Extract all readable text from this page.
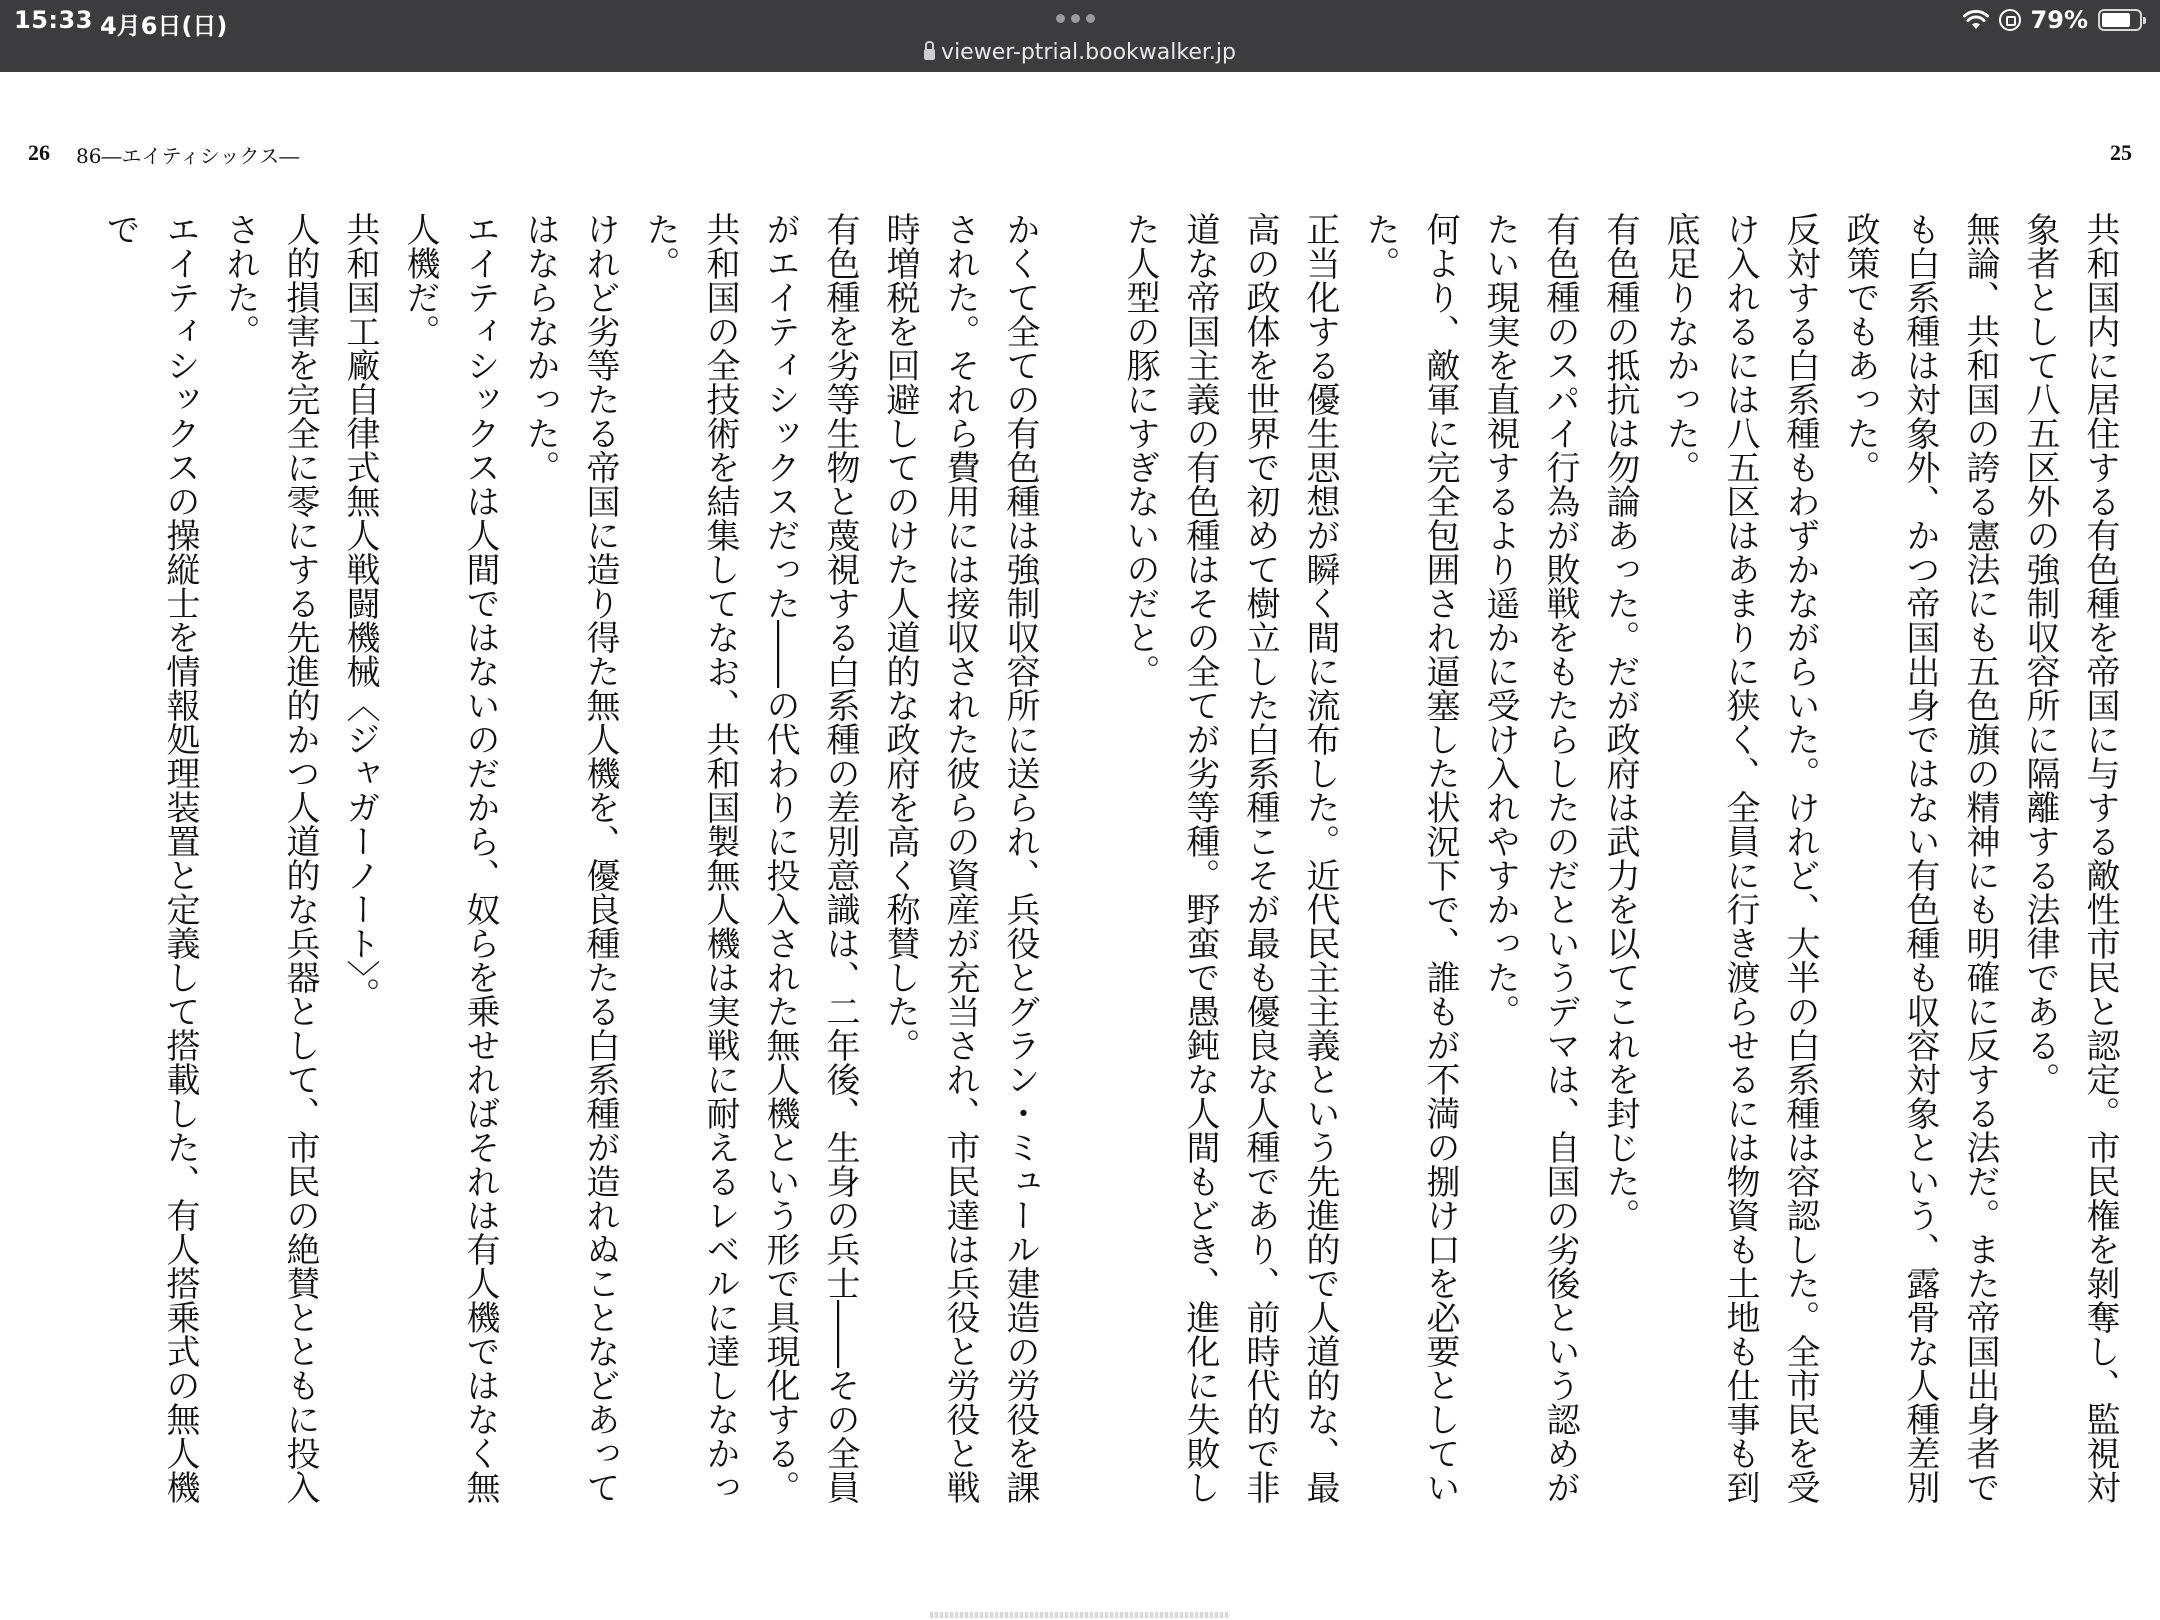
15:33 4月6日(日)
viewer-ptrial.bookwalker.jp
79%
26 86―エイティシックス―	25

共和国内に居住する有色種を帝国に与する敵性市民と認定。市民権を剝奪し、監視対象者として八五区外の強制収容所に隔離する法律である。

無論、共和国の誇る憲法にも五色旗の精神にも明確に反する法だ。また帝国出身者でも白系種は対象外、かつ帝国出身ではない有色種も収容対象という、露骨な人種差別政策でもあった。

反対する白系種もわずかながらいた。けれど、大半の白系種は容認した。全市民を受け入れるには八五区はあまりに狭く、全員に行き渡らせるには物資も土地も仕事も到底足りなかった。

有色種の抵抗は勿論あった。だが政府は武力を以てこれを封じた。

有色種のスパイ行為が敗戦をもたらしたのだというデマは、自国の劣後という認めがたい現実を直視するより遥かに受け入れやすかった。

何より、敵軍に完全包囲され逼塞した状況下で、誰もが不満の捌け口を必要としていた。

正当化する優生思想が瞬く間に流布した。近代民主主義という先進的で人道的な、最高の政体を世界で初めて樹立した白系種こそが最も優良な人種であり、前時代的で非道な帝国主義の有色種はその全てが劣等種。野蛮で愚鈍な人間もどき、進化に失敗した人型の豚にすぎないのだと。

かくて全ての有色種は強制収容所に送られ、兵役とグラン・ミュール建造の労役を課された。それら費用には接収された彼らの資産が充当され、市民達は兵役と労役と戦時増税を回避してのけた人道的な政府を高く称賛した。

有色種を劣等生物と蔑視する白系種の差別意識は、二年後、生身の兵士――その全員がエイティシックスだった――の代わりに投入された無人機という形で具現化する。

共和国の全技術を結集してなお、共和国製無人機は実戦に耐えるレベルに達しなかった。

けれど劣等たる帝国に造り得た無人機を、優良種たる白系種が造れぬことなどあってはならなかった。

エイティシックスは人間ではないのだから、奴らを乗せればそれは有人機ではなく無人機だ。

共和国工廠自律式無人戦闘機械〈ジャガーノート〉。

人的損害を完全に零にする先進的かつ人道的な兵器として、市民の絶賛とともに投入された。

エイティシックスの操縦士を情報処理装置と定義して搭載した、有人搭乗式の無人機で
